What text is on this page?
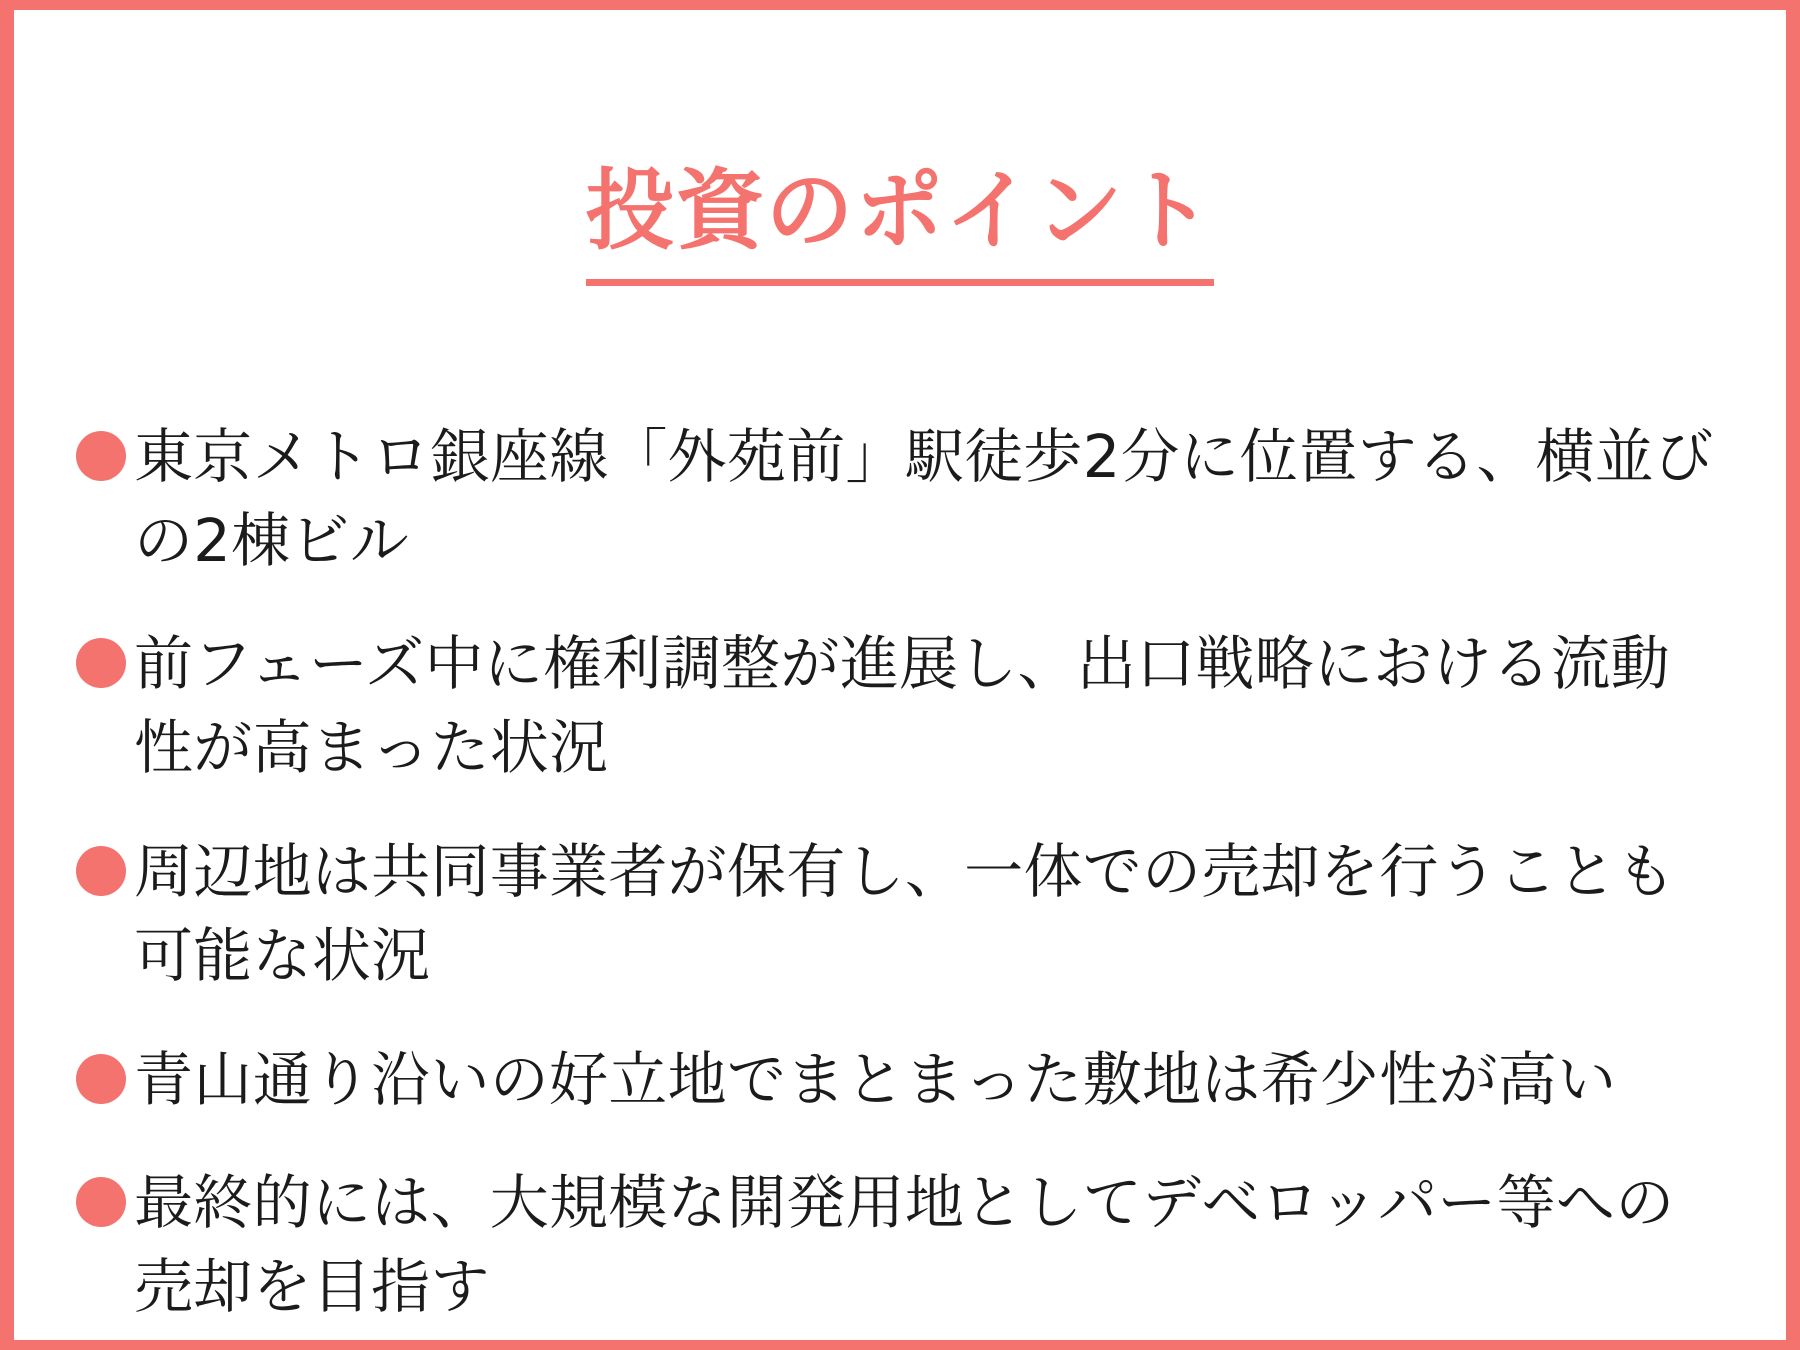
投資のポイント
東京メトロ銀座線「外苑前」駅徒歩2分に位置する、横並びの2棟ビル
前フェーズ中に権利調整が進展し、出口戦略における流動性が高まった状況
周辺地は共同事業者が保有し、一体での売却を行うことも可能な状況
青山通り沿いの好立地でまとまった敷地は希少性が高い
最終的には、大規模な開発用地としてデベロッパー等への売却を目指す
